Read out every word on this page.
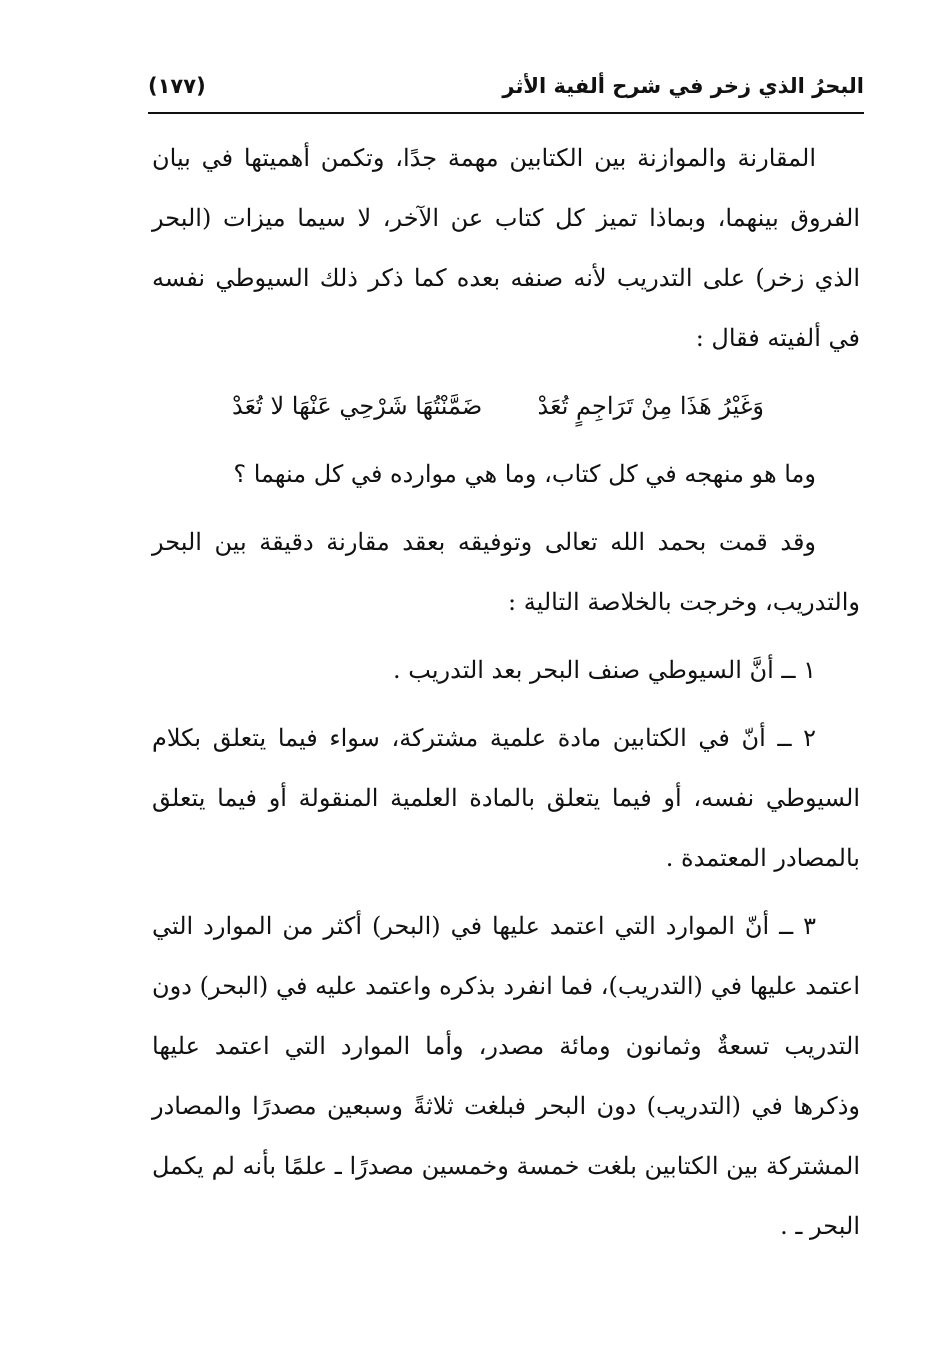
البحرُ الذي زخر في شرح ألفية الأثر
(١٧٧)

المقارنة والموازنة بين الكتابين مهمة جدًا، وتكمن أهميتها في بيان الفروق بينهما، وبماذا تميز كل كتاب عن الآخر، لا سيما ميزات (البحر الذي زخر) على التدريب لأنه صنفه بعده كما ذكر ذلك السيوطي نفسه في ألفيته فقال :

وَغَيْرُ هَذَا مِنْ تَرَاجِمٍ تُعَدْ
ضَمَّنْتُهَا شَرْحِي عَنْهَا لا تُعَدْ

وما هو منهجه في كل كتاب، وما هي موارده في كل منهما ؟

وقد قمت بحمد الله تعالى وتوفيقه بعقد مقارنة دقيقة بين البحر والتدريب، وخرجت بالخلاصة التالية :

١ ــ أنَّ السيوطي صنف البحر بعد التدريب .

٢ ــ أنّ في الكتابين مادة علمية مشتركة، سواء فيما يتعلق بكلام السيوطي نفسه، أو فيما يتعلق بالمادة العلمية المنقولة أو فيما يتعلق بالمصادر المعتمدة .

٣ ــ أنّ الموارد التي اعتمد عليها في (البحر) أكثر من الموارد التي اعتمد عليها في (التدريب)، فما انفرد بذكره واعتمد عليه في (البحر) دون التدريب تسعةٌ وثمانون ومائة مصدر، وأما الموارد التي اعتمد عليها وذكرها في (التدريب) دون البحر فبلغت ثلاثةً وسبعين مصدرًا والمصادر المشتركة بين الكتابين بلغت خمسة وخمسين مصدرًا ـ علمًا بأنه لم يكمل البحر ـ .
